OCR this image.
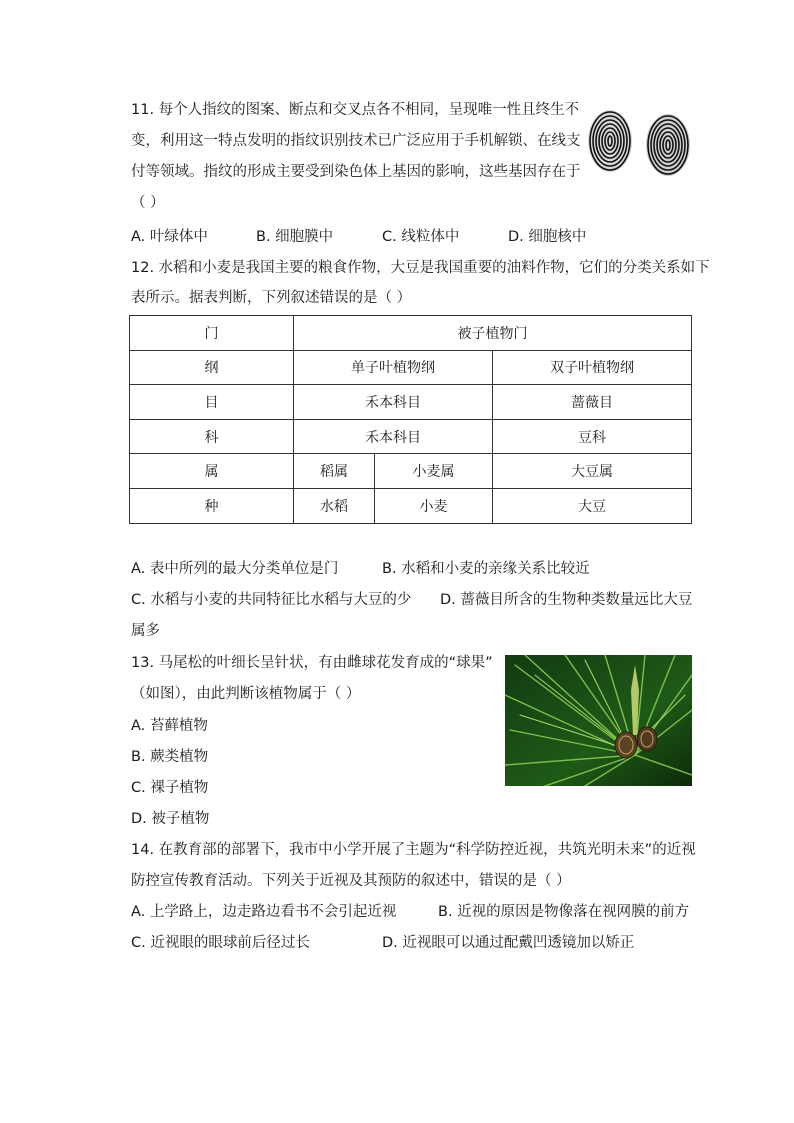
11. 每个人指纹的图案、断点和交叉点各不相同，呈现唯一性且终生不
变，利用这一特点发明的指纹识别技术已广泛应用于手机解锁、在线支
付等领域。指纹的形成主要受到染色体上基因的影响，这些基因存在于
（ ）
A. 叶绿体中	B. 细胞膜中	C. 线粒体中	D. 细胞核中
12. 水稻和小麦是我国主要的粮食作物，大豆是我国重要的油料作物，它们的分类关系如下
表所示。据表判断，下列叙述错误的是（ ）
门	被子植物门		
纲	单子叶植物纲		双子叶植物纲
目	禾本科目		蔷薇目
科	禾本科目		豆科
属	稻属	小麦属	大豆属
种	水稻	小麦	大豆
A. 表中所列的最大分类单位是门	B. 水稻和小麦的亲缘关系比较近
C. 水稻与小麦的共同特征比水稻与大豆的少 D. 蔷薇目所含的生物种类数量远比大豆
属多
13. 马尾松的叶细长呈针状，有由雌球花发育成的“球果”
（如图），由此判断该植物属于（ ）
A. 苔藓植物
B. 蕨类植物
C. 裸子植物
D. 被子植物
14. 在教育部的部署下，我市中小学开展了主题为“科学防控近视，共筑光明未来”的近视
防控宣传教育活动。下列关于近视及其预防的叙述中，错误的是（ ）
A. 上学路上，边走路边看书不会引起近视	B. 近视的原因是物像落在视网膜的前方
C. 近视眼的眼球前后径过长	D. 近视眼可以通过配戴凹透镜加以矫正
